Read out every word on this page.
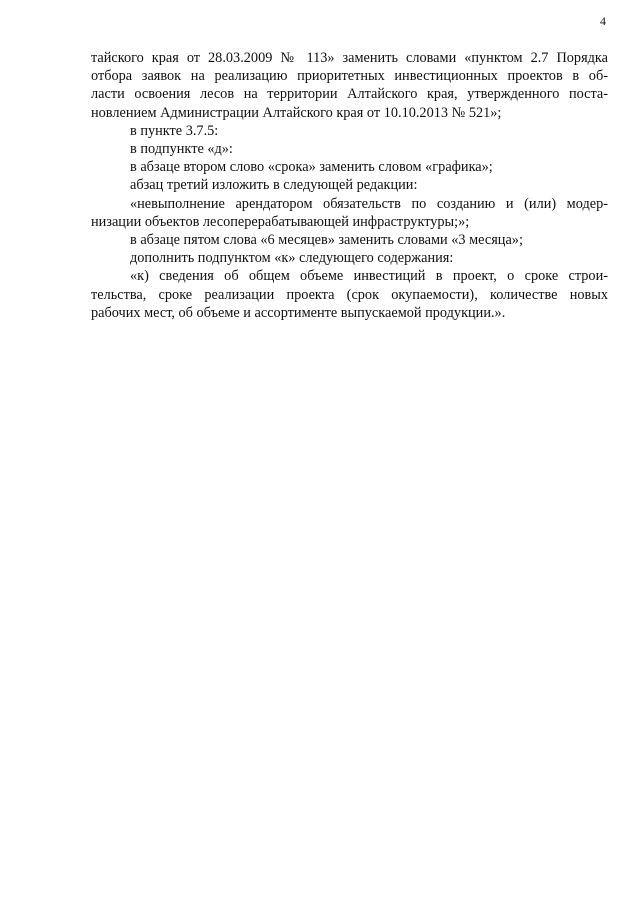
4
тайского края от 28.03.2009 № 113» заменить словами «пунктом 2.7 Порядка
отбора заявок на реализацию приоритетных инвестиционных проектов в об-
ласти освоения лесов на территории Алтайского края, утвержденного поста-
новлением Администрации Алтайского края от 10.10.2013 № 521»;
в пункте 3.7.5:
в подпункте «д»:
в абзаце втором слово «срока» заменить словом «графика»;
абзац третий изложить в следующей редакции:
«невыполнение арендатором обязательств по созданию и (или) модер-
низации объектов лесоперерабатывающей инфраструктуры;»;
в абзаце пятом слова «6 месяцев» заменить словами «3 месяца»;
дополнить подпунктом «к» следующего содержания:
«к) сведения об общем объеме инвестиций в проект, о сроке строи-
тельства, сроке реализации проекта (срок окупаемости), количестве новых
рабочих мест, об объеме и ассортименте выпускаемой продукции.».
